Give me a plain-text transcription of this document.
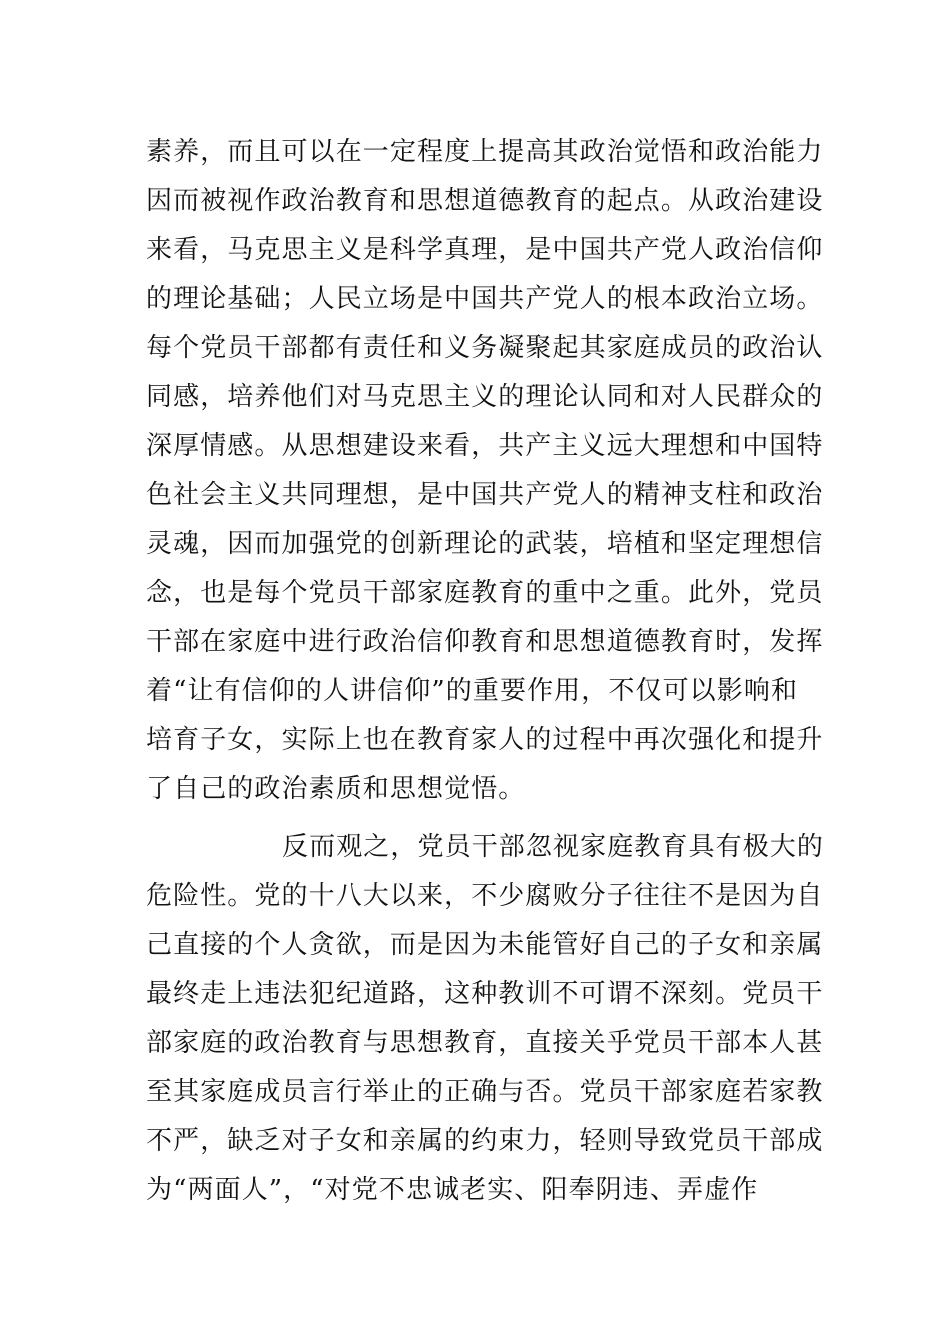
素养，而且可以在一定程度上提高其政治觉悟和政治能力
因而被视作政治教育和思想道德教育的起点。从政治建设
来看，马克思主义是科学真理，是中国共产党人政治信仰
的理论基础；人民立场是中国共产党人的根本政治立场。
每个党员干部都有责任和义务凝聚起其家庭成员的政治认
同感，培养他们对马克思主义的理论认同和对人民群众的
深厚情感。从思想建设来看，共产主义远大理想和中国特
色社会主义共同理想，是中国共产党人的精神支柱和政治
灵魂，因而加强党的创新理论的武装，培植和坚定理想信
念，也是每个党员干部家庭教育的重中之重。此外，党员
干部在家庭中进行政治信仰教育和思想道德教育时，发挥
着“让有信仰的人讲信仰”的重要作用，不仅可以影响和
培育子女，实际上也在教育家人的过程中再次强化和提升
了自己的政治素质和思想觉悟。
反而观之，党员干部忽视家庭教育具有极大的
危险性。党的十八大以来，不少腐败分子往往不是因为自
己直接的个人贪欲，而是因为未能管好自己的子女和亲属
最终走上违法犯纪道路，这种教训不可谓不深刻。党员干
部家庭的政治教育与思想教育，直接关乎党员干部本人甚
至其家庭成员言行举止的正确与否。党员干部家庭若家教
不严，缺乏对子女和亲属的约束力，轻则导致党员干部成
为“两面人”，“对党不忠诚老实、阳奉阴违、弄虚作
